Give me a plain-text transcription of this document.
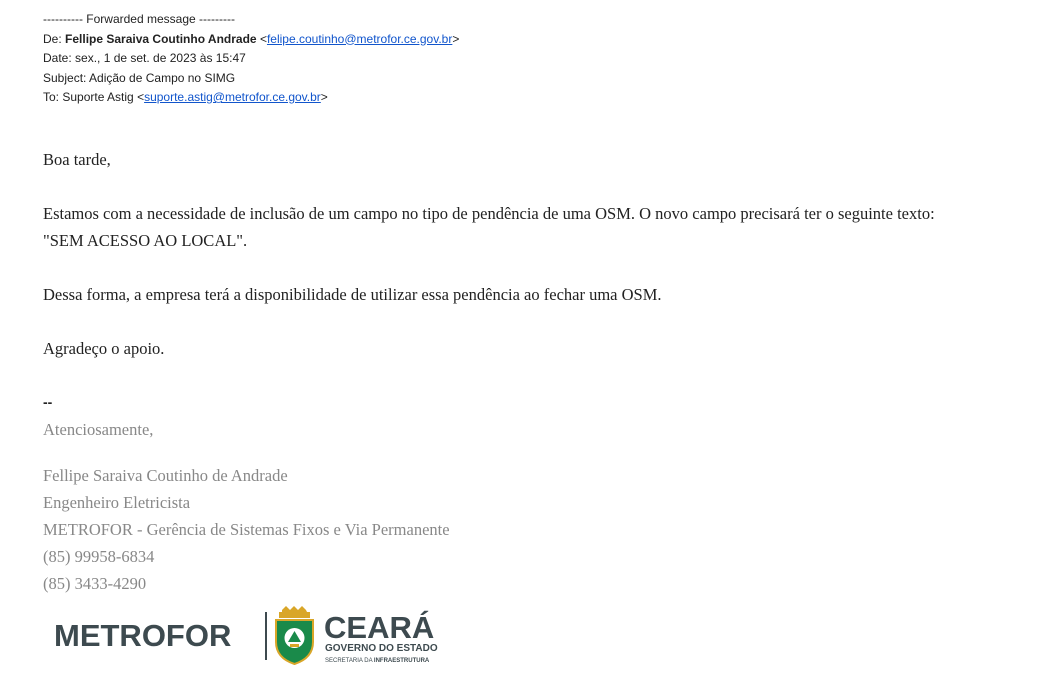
---------- Forwarded message ---------
De: Fellipe Saraiva Coutinho Andrade <felipe.coutinho@metrofor.ce.gov.br>
Date: sex., 1 de set. de 2023 às 15:47
Subject: Adição de Campo no SIMG
To: Suporte Astig <suporte.astig@metrofor.ce.gov.br>

Boa tarde,

Estamos com a necessidade de inclusão de um campo no tipo de pendência de uma OSM. O novo campo precisará ter o seguinte texto:

"SEM ACESSO AO LOCAL".

Dessa forma, a empresa terá a disponibilidade de utilizar essa pendência ao fechar uma OSM.

Agradeço o apoio.

--

Atenciosamente,

Fellipe Saraiva Coutinho de Andrade

Engenheiro Eletricista

METROFOR - Gerência de Sistemas Fixos e Via Permanente

(85) 99958-6834

(85) 3433-4290

METROFOR	CEARÁ
GOVERNO DO ESTADO
SECRETARIA DA INFRAESTRUTURA
